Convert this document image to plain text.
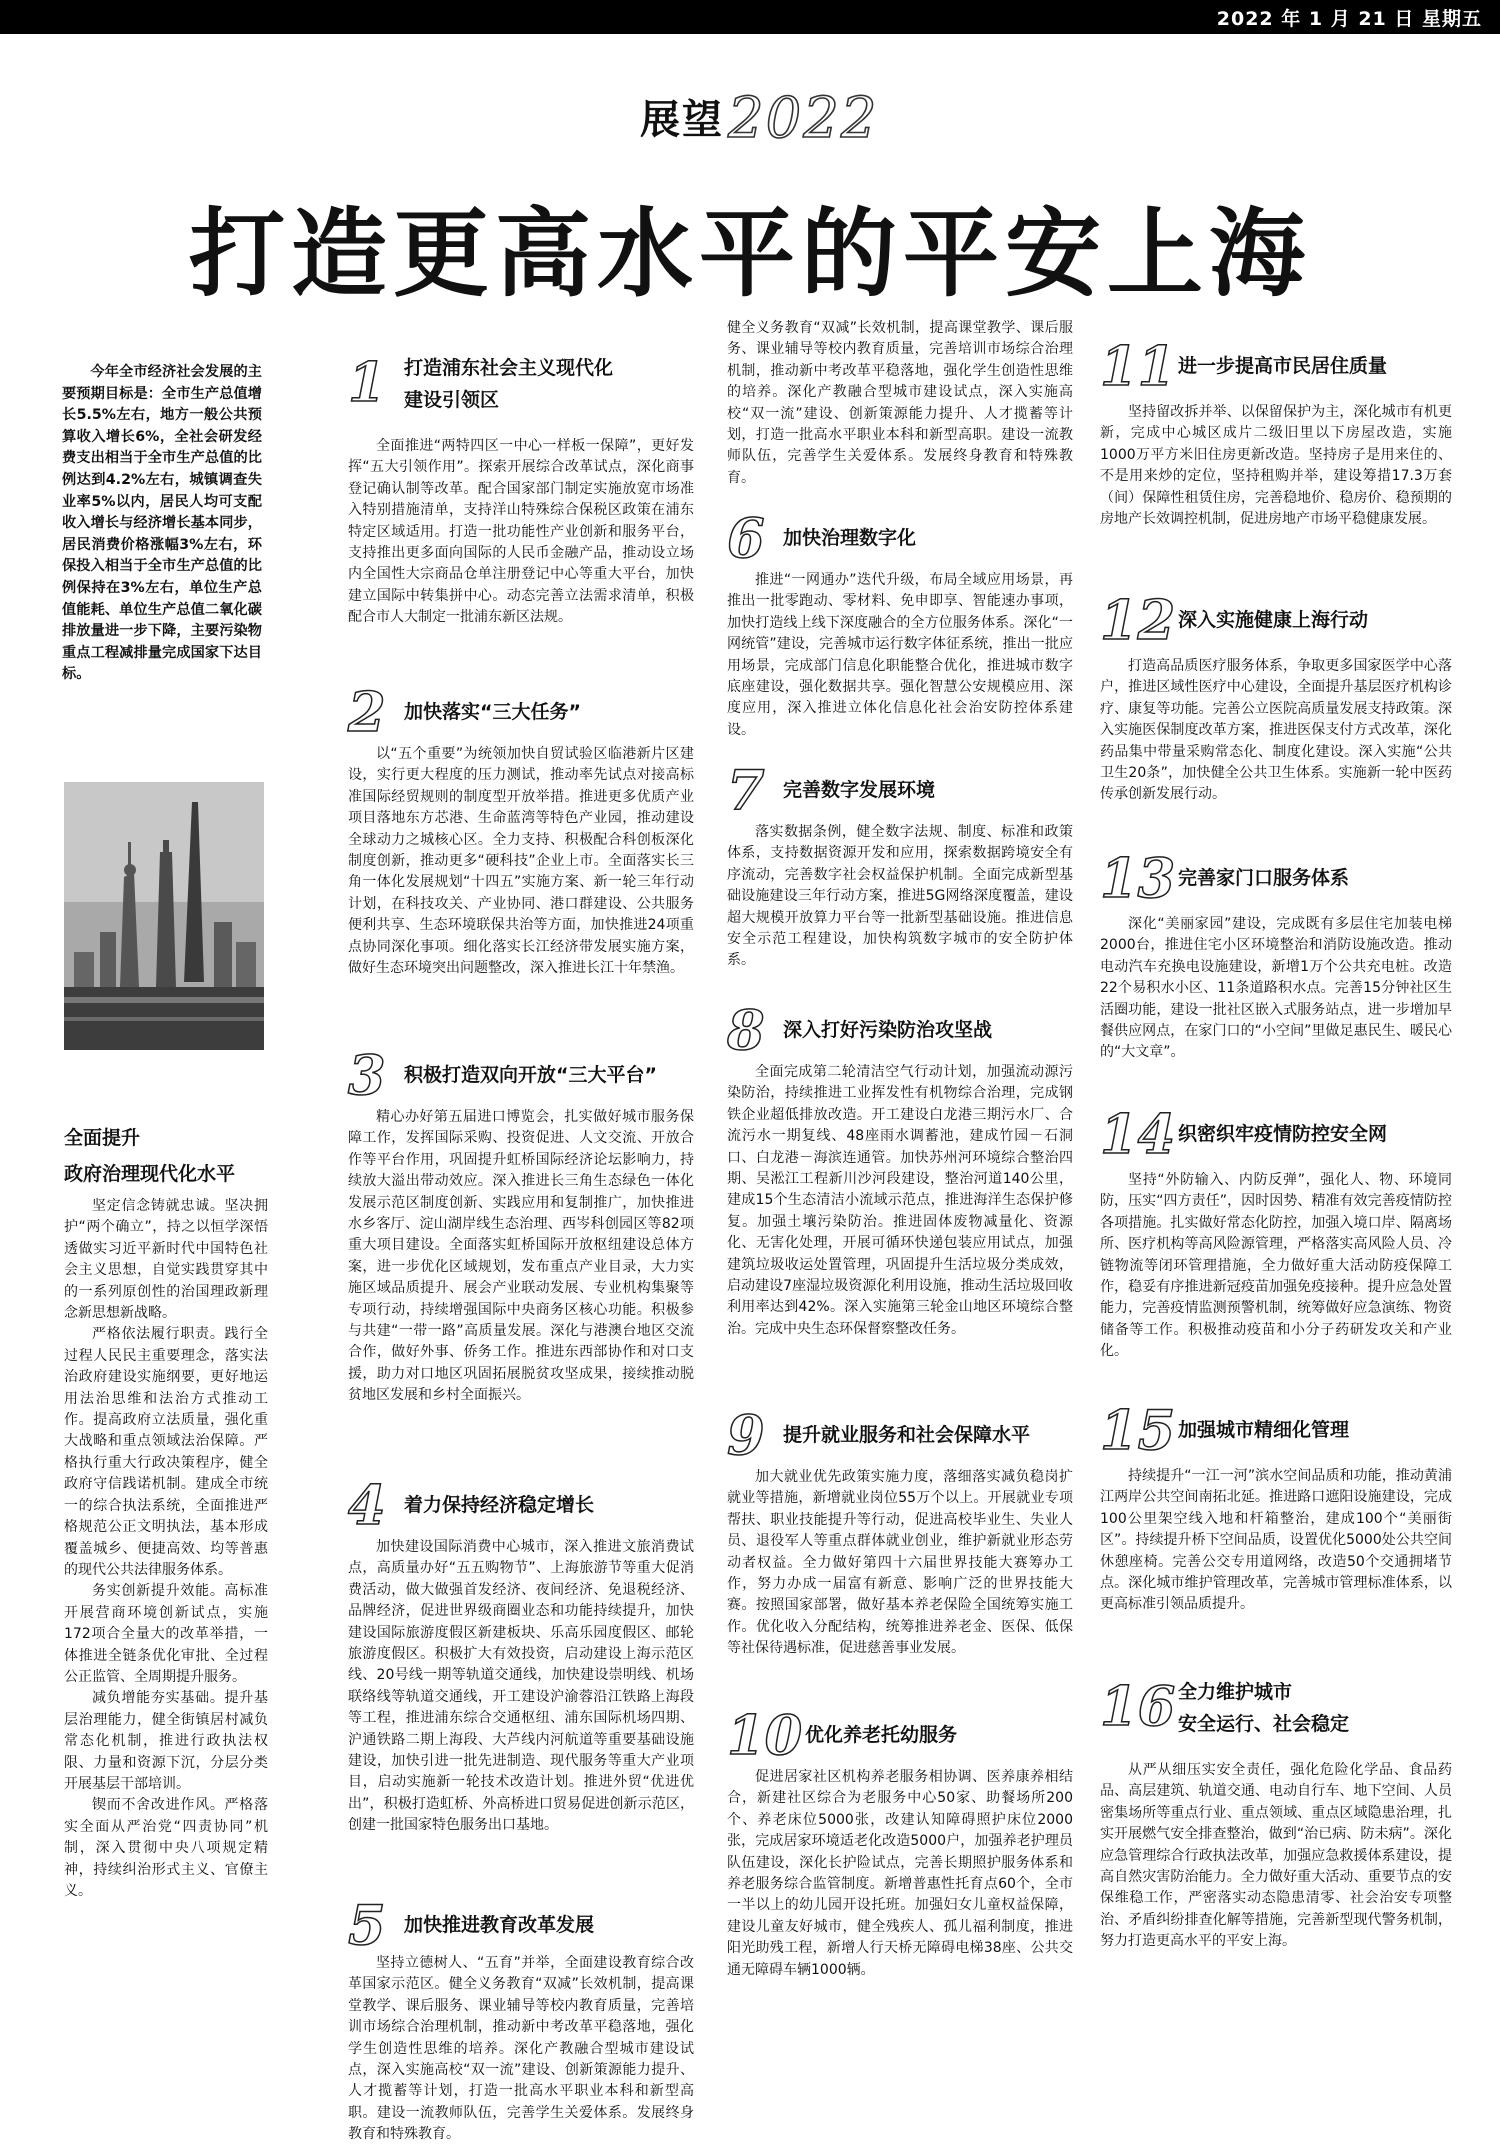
2022 年 1 月 21 日 星期五
展望2022
打造更高水平的平安上海
今年全市经济社会发展的主要预期目标是：全市生产总值增长5.5%左右，地方一般公共预算收入增长6%，全社会研发经费支出相当于全市生产总值的比例达到4.2%左右，城镇调查失业率5%以内，居民人均可支配收入增长与经济增长基本同步，居民消费价格涨幅3%左右，环保投入相当于全市生产总值的比例保持在3%左右，单位生产总值能耗、单位生产总值二氧化碳排放量进一步下降，主要污染物重点工程减排量完成国家下达目标。
全面提升
政府治理现代化水平

坚定信念铸就忠诚。坚决拥护“两个确立”，持之以恒学深悟透做实习近平新时代中国特色社会主义思想，自觉实践贯穿其中的一系列原创性的治国理政新理念新思想新战略。

严格依法履行职责。践行全过程人民民主重要理念，落实法治政府建设实施纲要，更好地运用法治思维和法治方式推动工作。提高政府立法质量，强化重大战略和重点领域法治保障。严格执行重大行政决策程序，健全政府守信践诺机制。建成全市统一的综合执法系统，全面推进严格规范公正文明执法，基本形成覆盖城乡、便捷高效、均等普惠的现代公共法律服务体系。

务实创新提升效能。高标准开展营商环境创新试点，实施172项合全量大的改革举措，一体推进全链条优化审批、全过程公正监管、全周期提升服务。

减负增能夯实基础。提升基层治理能力，健全街镇居村减负常态化机制，推进行政执法权限、力量和资源下沉，分层分类开展基层干部培训。

锲而不舍改进作风。严格落实全面从严治党“四责协同”机制，深入贯彻中央八项规定精神，持续纠治形式主义、官僚主义。

1 打造浦东社会主义现代化
建设引领区
全面推进“两特四区一中心一样板一保障”，更好发挥“五大引领作用”。探索开展综合改革试点，深化商事登记确认制等改革。配合国家部门制定实施放宽市场准入特别措施清单，支持洋山特殊综合保税区政策在浦东特定区域适用。打造一批功能性产业创新和服务平台，支持推出更多面向国际的人民币金融产品，推动设立场内全国性大宗商品仓单注册登记中心等重大平台，加快建立国际中转集拼中心。动态完善立法需求清单，积极配合市人大制定一批浦东新区法规。
2 加快落实“三大任务”
以“五个重要”为统领加快自贸试验区临港新片区建设，实行更大程度的压力测试，推动率先试点对接高标准国际经贸规则的制度型开放举措。推进更多优质产业项目落地东方芯港、生命蓝湾等特色产业园，推动建设全球动力之城核心区。全力支持、积极配合科创板深化制度创新，推动更多“硬科技”企业上市。全面落实长三角一体化发展规划“十四五”实施方案、新一轮三年行动计划，在科技攻关、产业协同、港口群建设、公共服务便利共享、生态环境联保共治等方面，加快推进24项重点协同深化事项。细化落实长江经济带发展实施方案，做好生态环境突出问题整改，深入推进长江十年禁渔。
3 积极打造双向开放“三大平台”
精心办好第五届进口博览会，扎实做好城市服务保障工作，发挥国际采购、投资促进、人文交流、开放合作等平台作用，巩固提升虹桥国际经济论坛影响力，持续放大溢出带动效应。深入推进长三角生态绿色一体化发展示范区制度创新、实践应用和复制推广，加快推进水乡客厅、淀山湖岸线生态治理、西岑科创园区等82项重大项目建设。全面落实虹桥国际开放枢纽建设总体方案，进一步优化区域规划，发布重点产业目录，大力实施区域品质提升、展会产业联动发展、专业机构集聚等专项行动，持续增强国际中央商务区核心功能。积极参与共建“一带一路”高质量发展。深化与港澳台地区交流合作，做好外事、侨务工作。推进东西部协作和对口支援，助力对口地区巩固拓展脱贫攻坚成果，接续推动脱贫地区发展和乡村全面振兴。
4 着力保持经济稳定增长
加快建设国际消费中心城市，深入推进文旅消费试点，高质量办好“五五购物节”、上海旅游节等重大促消费活动，做大做强首发经济、夜间经济、免退税经济、品牌经济，促进世界级商圈业态和功能持续提升，加快建设国际旅游度假区新建板块、乐高乐园度假区、邮轮旅游度假区。积极扩大有效投资，启动建设上海示范区线、20号线一期等轨道交通线，加快建设崇明线、机场联络线等轨道交通线，开工建设沪渝蓉沿江铁路上海段等工程，推进浦东综合交通枢纽、浦东国际机场四期、沪通铁路二期上海段、大芦线内河航道等重要基础设施建设，加快引进一批先进制造、现代服务等重大产业项目，启动实施新一轮技术改造计划。推进外贸“优进优出”，积极打造虹桥、外高桥进口贸易促进创新示范区，创建一批国家特色服务出口基地。
5 加快推进教育改革发展
坚持立德树人、“五育”并举，全面建设教育综合改革国家示范区。健全义务教育“双减”长效机制，提高课堂教学、课后服务、课业辅导等校内教育质量，完善培训市场综合治理机制，推动新中考改革平稳落地，强化学生创造性思维的培养。深化产教融合型城市建设试点，深入实施高校“双一流”建设、创新策源能力提升、人才揽蓄等计划，打造一批高水平职业本科和新型高职。建设一流教师队伍，完善学生关爱体系。发展终身教育和特殊教育。
健全义务教育“双减”长效机制，提高课堂教学、课后服务、课业辅导等校内教育质量，完善培训市场综合治理机制，推动新中考改革平稳落地，强化学生创造性思维的培养。深化产教融合型城市建设试点，深入实施高校“双一流”建设、创新策源能力提升、人才揽蓄等计划，打造一批高水平职业本科和新型高职。建设一流教师队伍，完善学生关爱体系。发展终身教育和特殊教育。
6 加快治理数字化
推进“一网通办”迭代升级，布局全域应用场景，再推出一批零跑动、零材料、免申即享、智能速办事项，加快打造线上线下深度融合的全方位服务体系。深化“一网统管”建设，完善城市运行数字体征系统，推出一批应用场景，完成部门信息化职能整合优化，推进城市数字底座建设，强化数据共享。强化智慧公安规模应用、深度应用，深入推进立体化信息化社会治安防控体系建设。
7 完善数字发展环境
落实数据条例，健全数字法规、制度、标准和政策体系，支持数据资源开发和应用，探索数据跨境安全有序流动，完善数字社会权益保护机制。全面完成新型基础设施建设三年行动方案，推进5G网络深度覆盖，建设超大规模开放算力平台等一批新型基础设施。推进信息安全示范工程建设，加快构筑数字城市的安全防护体系。
8 深入打好污染防治攻坚战
全面完成第二轮清洁空气行动计划，加强流动源污染防治，持续推进工业挥发性有机物综合治理，完成钢铁企业超低排放改造。开工建设白龙港三期污水厂、合流污水一期复线、48座雨水调蓄池，建成竹园－石洞口、白龙港－海滨连通管。加快苏州河环境综合整治四期、吴淞江工程新川沙河段建设，整治河道140公里，建成15个生态清洁小流域示范点，推进海洋生态保护修复。加强土壤污染防治。推进固体废物减量化、资源化、无害化处理，开展可循环快递包装应用试点，加强建筑垃圾收运处置管理，巩固提升生活垃圾分类成效，启动建设7座湿垃圾资源化利用设施，推动生活垃圾回收利用率达到42%。深入实施第三轮金山地区环境综合整治。完成中央生态环保督察整改任务。
9 提升就业服务和社会保障水平
加大就业优先政策实施力度，落细落实减负稳岗扩就业等措施，新增就业岗位55万个以上。开展就业专项帮扶、职业技能提升等行动，促进高校毕业生、失业人员、退役军人等重点群体就业创业，维护新就业形态劳动者权益。全力做好第四十六届世界技能大赛筹办工作，努力办成一届富有新意、影响广泛的世界技能大赛。按照国家部署，做好基本养老保险全国统筹实施工作。优化收入分配结构，统筹推进养老金、医保、低保等社保待遇标准，促进慈善事业发展。
10 优化养老托幼服务
促进居家社区机构养老服务相协调、医养康养相结合，新建社区综合为老服务中心50家、助餐场所200个、养老床位5000张，改建认知障碍照护床位2000张，完成居家环境适老化改造5000户，加强养老护理员队伍建设，深化长护险试点，完善长期照护服务体系和养老服务综合监管制度。新增普惠性托育点60个，全市一半以上的幼儿园开设托班。加强妇女儿童权益保障，建设儿童友好城市，健全残疾人、孤儿福利制度，推进阳光助残工程，新增人行天桥无障碍电梯38座、公共交通无障碍车辆1000辆。
11 进一步提高市民居住质量
坚持留改拆并举、以保留保护为主，深化城市有机更新，完成中心城区成片二级旧里以下房屋改造，实施1000万平方米旧住房更新改造。坚持房子是用来住的、不是用来炒的定位，坚持租购并举，建设筹措17.3万套（间）保障性租赁住房，完善稳地价、稳房价、稳预期的房地产长效调控机制，促进房地产市场平稳健康发展。
12 深入实施健康上海行动
打造高品质医疗服务体系，争取更多国家医学中心落户，推进区域性医疗中心建设，全面提升基层医疗机构诊疗、康复等功能。完善公立医院高质量发展支持政策。深入实施医保制度改革方案，推进医保支付方式改革，深化药品集中带量采购常态化、制度化建设。深入实施“公共卫生20条”，加快健全公共卫生体系。实施新一轮中医药传承创新发展行动。
13 完善家门口服务体系
深化“美丽家园”建设，完成既有多层住宅加装电梯2000台，推进住宅小区环境整治和消防设施改造。推动电动汽车充换电设施建设，新增1万个公共充电桩。改造22个易积水小区、11条道路积水点。完善15分钟社区生活圈功能，建设一批社区嵌入式服务站点，进一步增加早餐供应网点，在家门口的“小空间”里做足惠民生、暖民心的“大文章”。
14 织密织牢疫情防控安全网
坚持“外防输入、内防反弹”，强化人、物、环境同防，压实“四方责任”，因时因势、精准有效完善疫情防控各项措施。扎实做好常态化防控，加强入境口岸、隔离场所、医疗机构等高风险源管理，严格落实高风险人员、冷链物流等闭环管理措施，全力做好重大活动防疫保障工作，稳妥有序推进新冠疫苗加强免疫接种。提升应急处置能力，完善疫情监测预警机制，统筹做好应急演练、物资储备等工作。积极推动疫苗和小分子药研发攻关和产业化。
15 加强城市精细化管理
持续提升“一江一河”滨水空间品质和功能，推动黄浦江两岸公共空间南拓北延。推进路口遮阳设施建设，完成100公里架空线入地和杆箱整治，建成100个“美丽街区”。持续提升桥下空间品质，设置优化5000处公共空间休憩座椅。完善公交专用道网络，改造50个交通拥堵节点。深化城市维护管理改革，完善城市管理标准体系，以更高标准引领品质提升。
16 全力维护城市
安全运行、社会稳定
从严从细压实安全责任，强化危险化学品、食品药品、高层建筑、轨道交通、电动自行车、地下空间、人员密集场所等重点行业、重点领域、重点区域隐患治理，扎实开展燃气安全排查整治，做到“治已病、防未病”。深化应急管理综合行政执法改革，加强应急救援体系建设，提高自然灾害防治能力。全力做好重大活动、重要节点的安保维稳工作，严密落实动态隐患清零、社会治安专项整治、矛盾纠纷排查化解等措施，完善新型现代警务机制，努力打造更高水平的平安上海。
